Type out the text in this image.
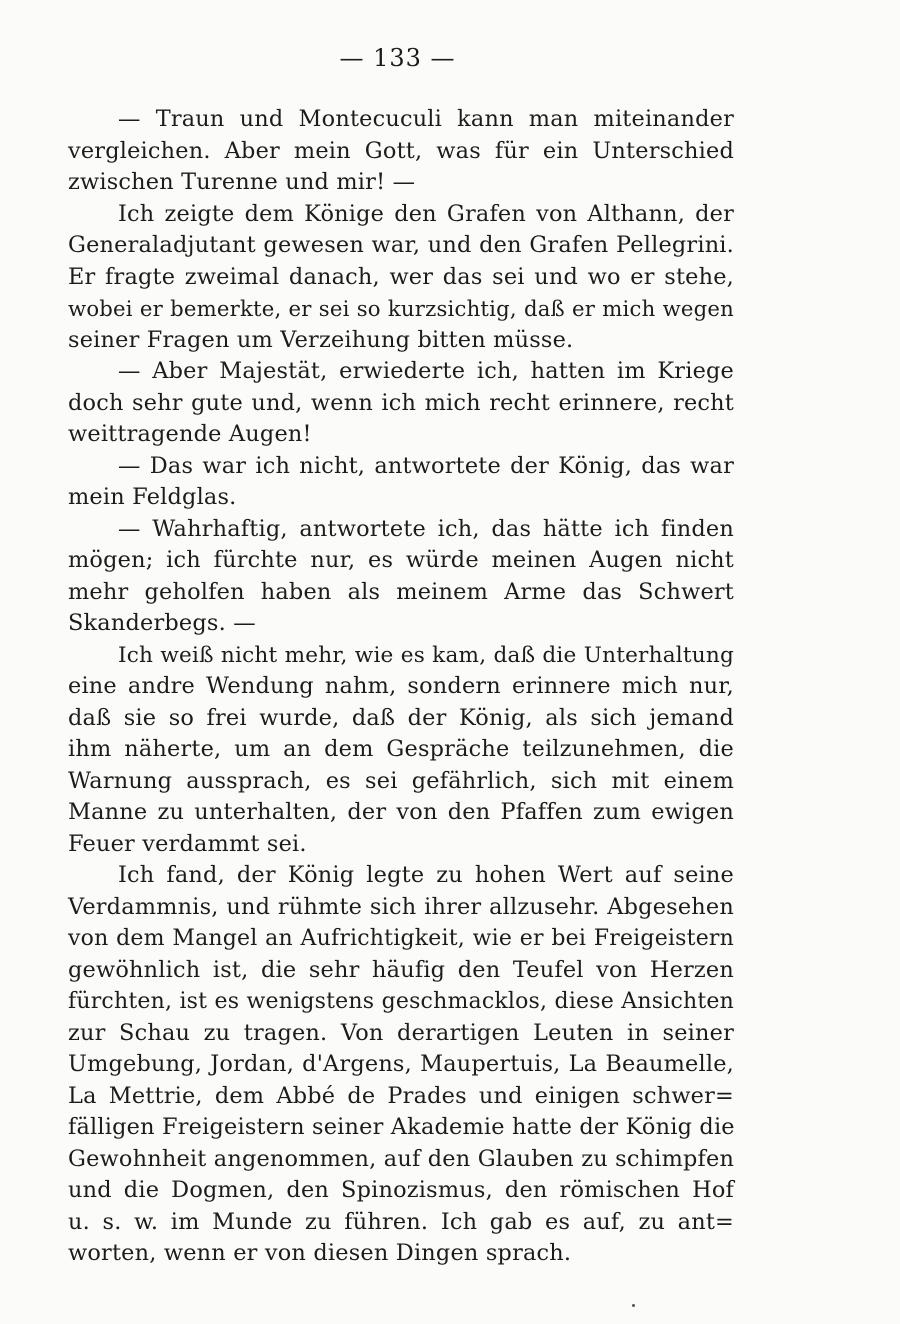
— 133 —
— Traun und Montecuculi kann man miteinander
vergleichen. Aber mein Gott, was für ein Unterschied
zwischen Turenne und mir! —
Ich zeigte dem Könige den Grafen von Althann, der
Generaladjutant gewesen war, und den Grafen Pellegrini.
Er fragte zweimal danach, wer das sei und wo er stehe,
wobei er bemerkte, er sei so kurzsichtig, daß er mich wegen
seiner Fragen um Verzeihung bitten müsse.
— Aber Majestät, erwiederte ich, hatten im Kriege
doch sehr gute und, wenn ich mich recht erinnere, recht
weittragende Augen!
— Das war ich nicht, antwortete der König, das war
mein Feldglas.
— Wahrhaftig, antwortete ich, das hätte ich finden
mögen; ich fürchte nur, es würde meinen Augen nicht
mehr geholfen haben als meinem Arme das Schwert
Skanderbegs. —
Ich weiß nicht mehr, wie es kam, daß die Unterhaltung
eine andre Wendung nahm, sondern erinnere mich nur,
daß sie so frei wurde, daß der König, als sich jemand
ihm näherte, um an dem Gespräche teilzunehmen, die
Warnung aussprach, es sei gefährlich, sich mit einem
Manne zu unterhalten, der von den Pfaffen zum ewigen
Feuer verdammt sei.
Ich fand, der König legte zu hohen Wert auf seine
Verdammnis, und rühmte sich ihrer allzusehr. Abgesehen
von dem Mangel an Aufrichtigkeit, wie er bei Freigeistern
gewöhnlich ist, die sehr häufig den Teufel von Herzen
fürchten, ist es wenigstens geschmacklos, diese Ansichten
zur Schau zu tragen. Von derartigen Leuten in seiner
Umgebung, Jordan, d'Argens, Maupertuis, La Beaumelle,
La Mettrie, dem Abbé de Prades und einigen schwer=
fälligen Freigeistern seiner Akademie hatte der König die
Gewohnheit angenommen, auf den Glauben zu schimpfen
und die Dogmen, den Spinozismus, den römischen Hof
u. s. w. im Munde zu führen. Ich gab es auf, zu ant=
worten, wenn er von diesen Dingen sprach.
